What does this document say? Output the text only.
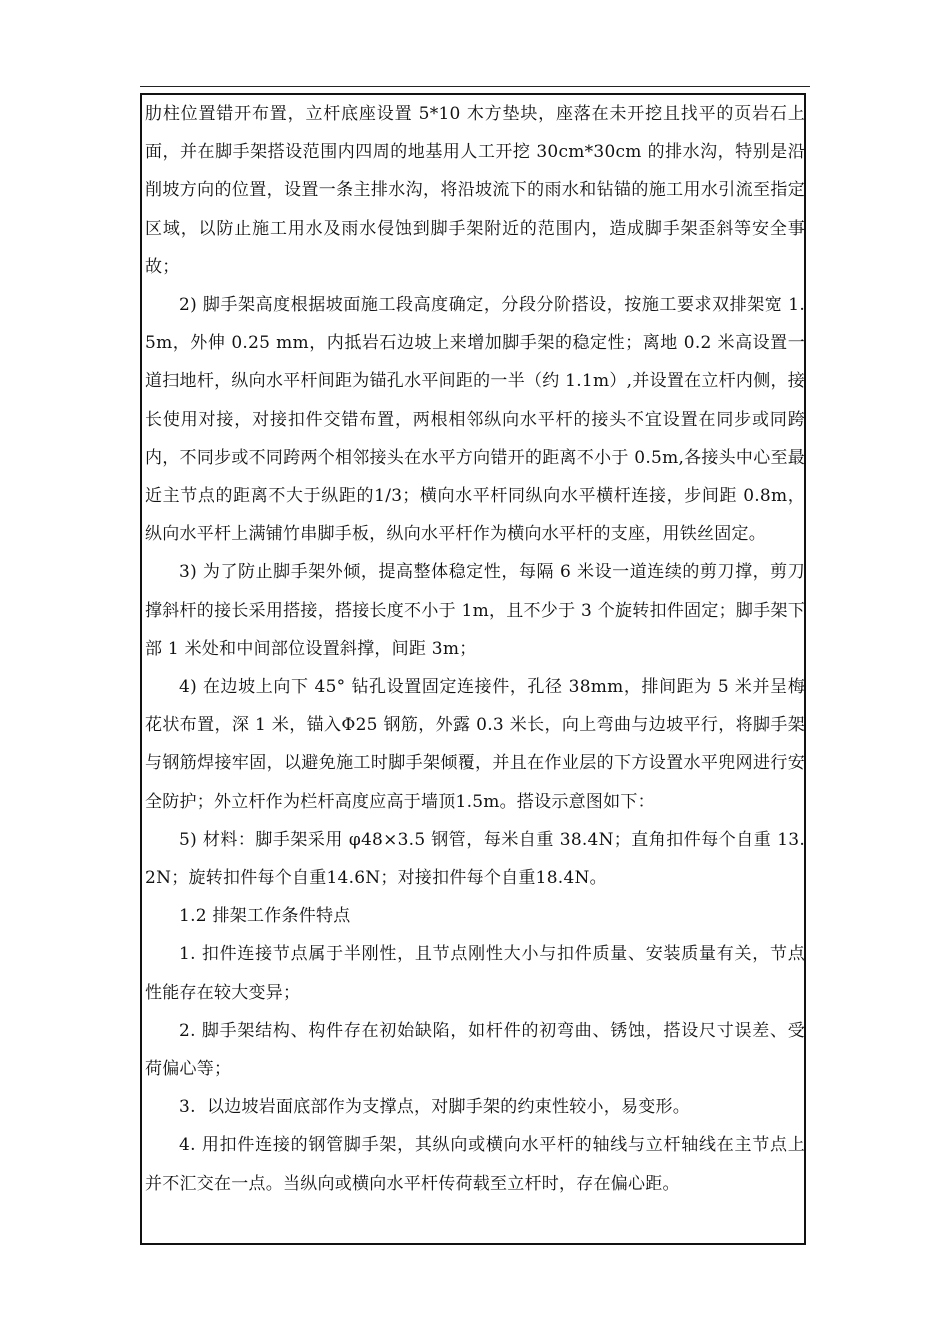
肋柱位置错开布置，立杆底座设置 5*10 木方垫块，座落在未开挖且找平的页岩石上面，并在脚手架搭设范围内四周的地基用人工开挖 30cm*30cm 的排水沟，特别是沿削坡方向的位置，设置一条主排水沟，将沿坡流下的雨水和钻锚的施工用水引流至指定区域，以防止施工用水及雨水侵蚀到脚手架附近的范围内，造成脚手架歪斜等安全事故；

2) 脚手架高度根据坡面施工段高度确定，分段分阶搭设，按施工要求双排架宽 1.5m，外伸 0.25 mm，内抵岩石边坡上来增加脚手架的稳定性；离地 0.2 米高设置一道扫地杆，纵向水平杆间距为锚孔水平间距的一半（约 1.1m）,并设置在立杆内侧，接长使用对接，对接扣件交错布置，两根相邻纵向水平杆的接头不宜设置在同步或同跨内，不同步或不同跨两个相邻接头在水平方向错开的距离不小于 0.5m,各接头中心至最近主节点的距离不大于纵距的1/3；横向水平杆同纵向水平横杆连接，步间距 0.8m，纵向水平杆上满铺竹串脚手板，纵向水平杆作为横向水平杆的支座，用铁丝固定。

3) 为了防止脚手架外倾，提高整体稳定性，每隔 6 米设一道连续的剪刀撑，剪刀撑斜杆的接长采用搭接，搭接长度不小于 1m，且不少于 3 个旋转扣件固定；脚手架下部 1 米处和中间部位设置斜撑，间距 3m；

4) 在边坡上向下 45° 钻孔设置固定连接件，孔径 38mm，排间距为 5 米并呈梅花状布置，深 1 米，锚入Φ25 钢筋，外露 0.3 米长，向上弯曲与边坡平行，将脚手架与钢筋焊接牢固，以避免施工时脚手架倾覆，并且在作业层的下方设置水平兜网进行安全防护；外立杆作为栏杆高度应高于墙顶1.5m。搭设示意图如下：

5) 材料：脚手架采用 φ48×3.5 钢管，每米自重 38.4N；直角扣件每个自重 13.2N；旋转扣件每个自重14.6N；对接扣件每个自重18.4N。

1.2 排架工作条件特点

1. 扣件连接节点属于半刚性，且节点刚性大小与扣件质量、安装质量有关，节点性能存在较大变异；

2. 脚手架结构、构件存在初始缺陷，如杆件的初弯曲、锈蚀，搭设尺寸误差、受荷偏心等；

3.  以边坡岩面底部作为支撑点，对脚手架的约束性较小，易变形。

4. 用扣件连接的钢管脚手架，其纵向或横向水平杆的轴线与立杆轴线在主节点上并不汇交在一点。当纵向或横向水平杆传荷载至立杆时，存在偏心距。
